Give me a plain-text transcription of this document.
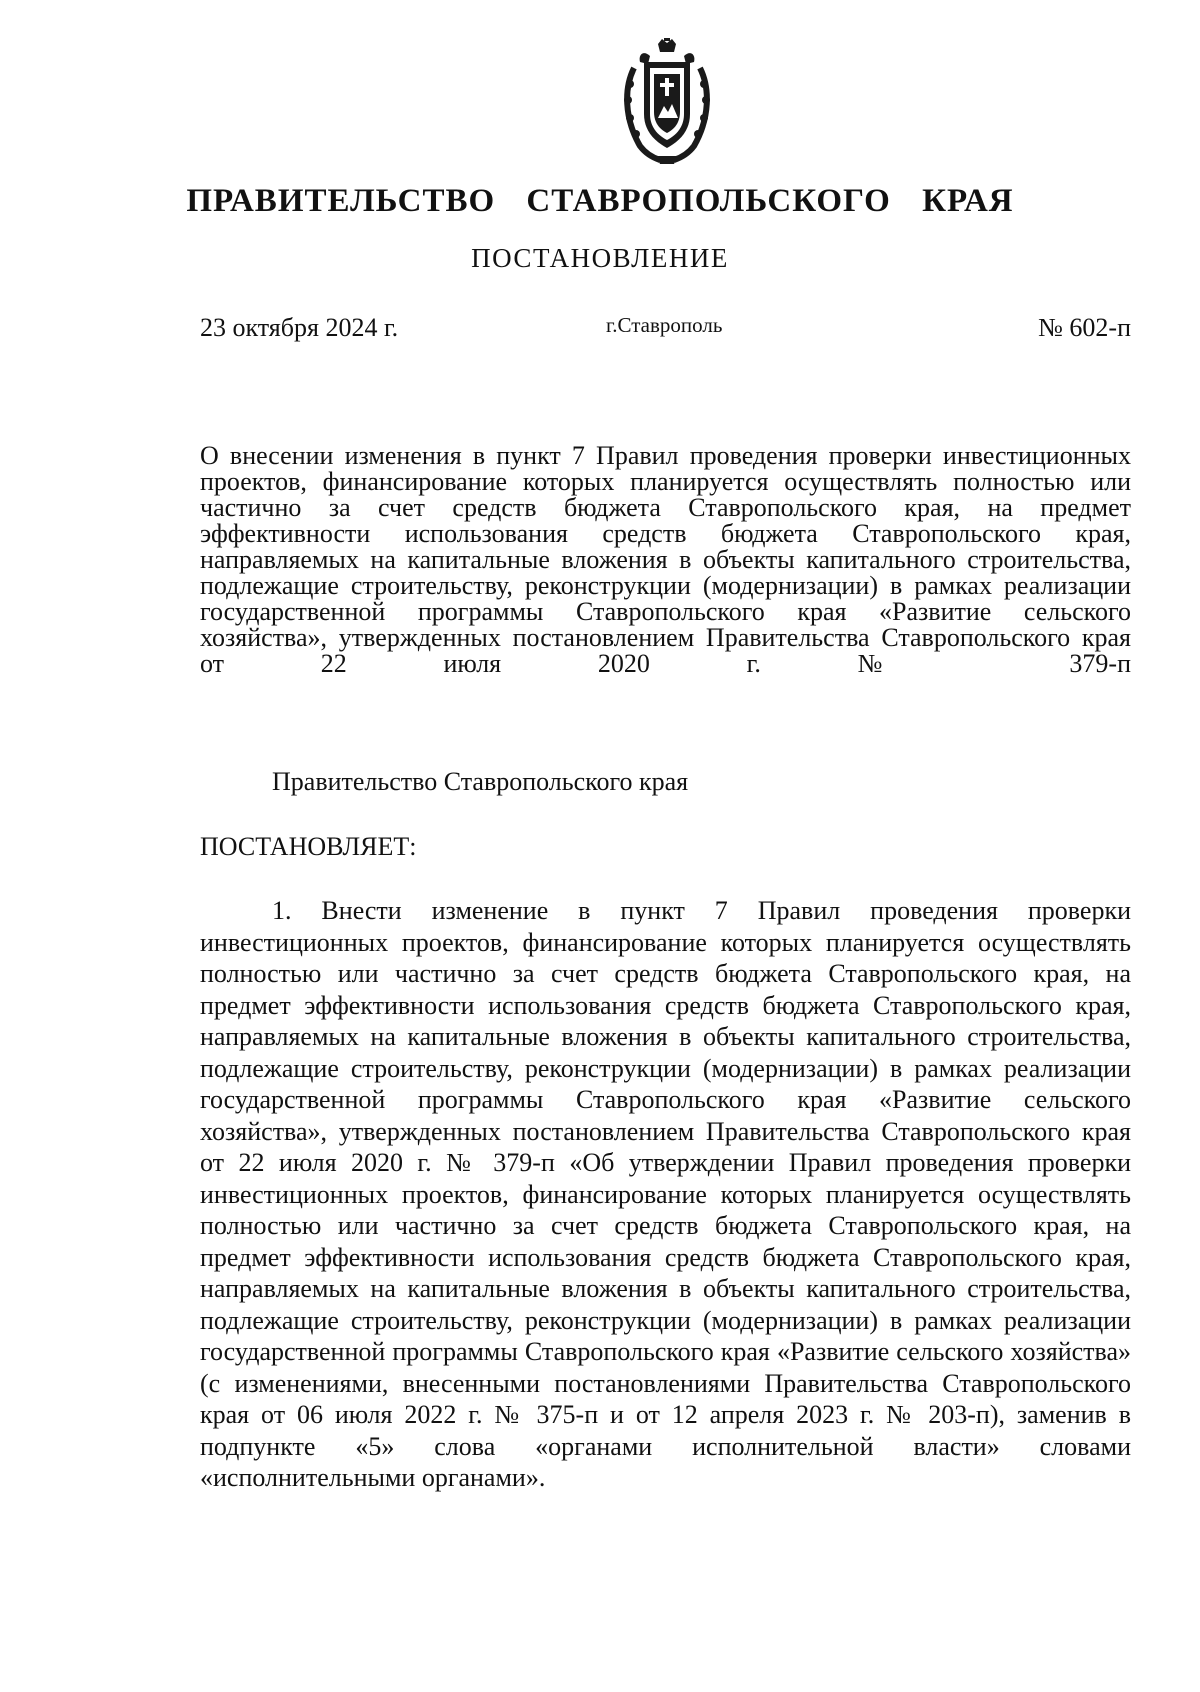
ПРАВИТЕЛЬСТВО СТАВРОПОЛЬСКОГО КРАЯ
ПОСТАНОВЛЕНИЕ
23 октября 2024 г.	г.Ставрополь	№ 602-п
О внесении изменения в пункт 7 Правил проведения проверки инвестиционных проектов, финансирование которых планируется осуществлять полностью или частично за счет средств бюджета Ставропольского края, на предмет эффективности использования средств бюджета Ставропольского края, направляемых на капитальные вложения в объекты капитального строительства, подлежащие строительству, реконструкции (модернизации) в рамках реализации государственной программы Ставропольского края «Развитие сельского хозяйства», утвержденных постановлением Правительства Ставропольского края от 22 июля 2020 г. № 379-п
Правительство Ставропольского края
ПОСТАНОВЛЯЕТ:
1. Внести изменение в пункт 7 Правил проведения проверки инвестиционных проектов, финансирование которых планируется осуществлять полностью или частично за счет средств бюджета Ставропольского края, на предмет эффективности использования средств бюджета Ставропольского края, направляемых на капитальные вложения в объекты капитального строительства, подлежащие строительству, реконструкции (модернизации) в рамках реализации государственной программы Ставропольского края «Развитие сельского хозяйства», утвержденных постановлением Правительства Ставропольского края от 22 июля 2020 г. № 379-п «Об утверждении Правил проведения проверки инвестиционных проектов, финансирование которых планируется осуществлять полностью или частично за счет средств бюджета Ставропольского края, на предмет эффективности использования средств бюджета Ставропольского края, направляемых на капитальные вложения в объекты капитального строительства, подлежащие строительству, реконструкции (модернизации) в рамках реализации государственной программы Ставропольского края «Развитие сельского хозяйства» (с изменениями, внесенными постановлениями Правительства Ставропольского края от 06 июля 2022 г. № 375-п и от 12 апреля 2023 г. № 203-п), заменив в подпункте «5» слова «органами исполнительной власти» словами «исполнительными органами».
